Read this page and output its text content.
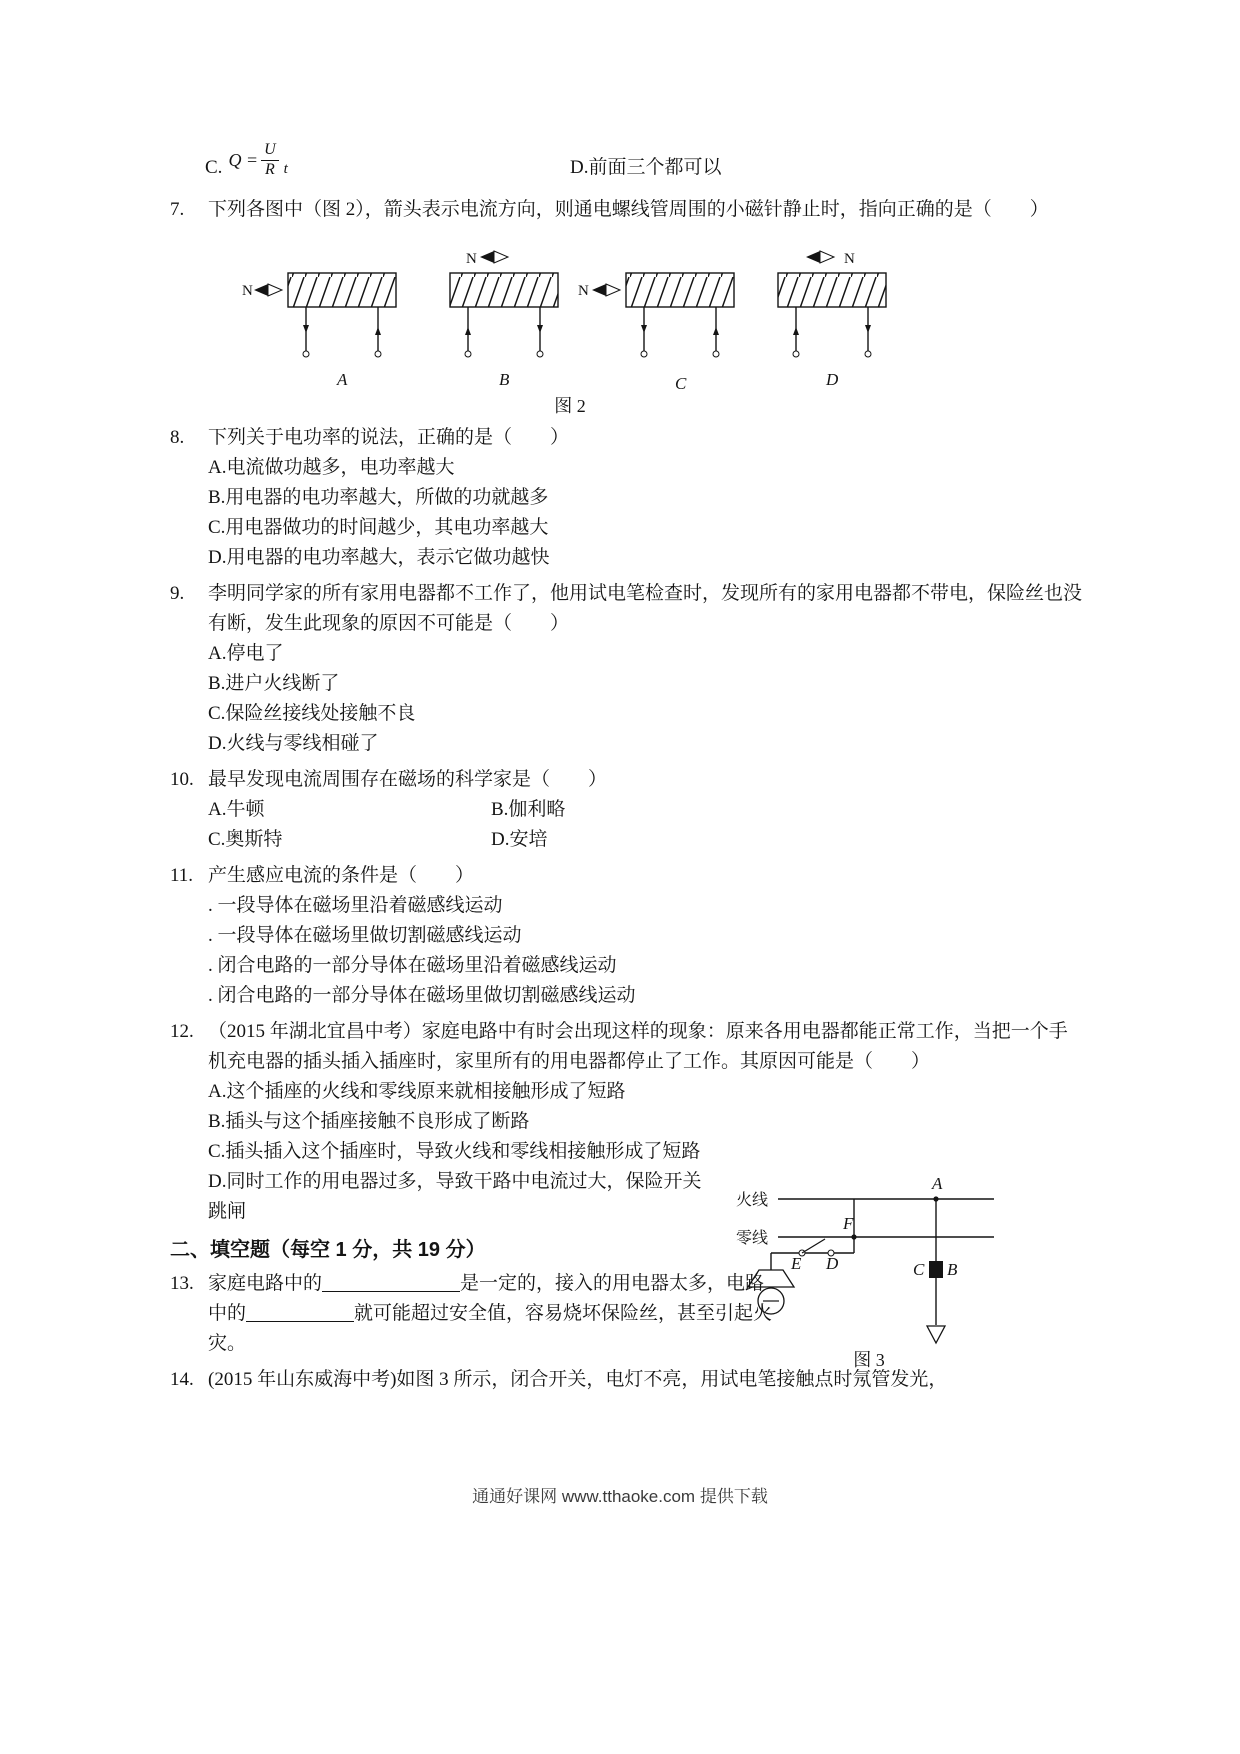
C. $Q = \frac{U}{R}$ t	D.前面三个都可以
7.	下列各图中（图 2），箭头表示电流方向，则通电螺线管周围的小磁针静止时，指向正确的是（　　）
N
A
N
B
N
C
N
D
图 2
8.	下列关于电功率的说法，正确的是（　　）
A.电流做功越多，电功率越大
B.用电器的电功率越大，所做的功就越多
C.用电器做功的时间越少，其电功率越大
D.用电器的电功率越大，表示它做功越快
9.	李明同学家的所有家用电器都不工作了，他用试电笔检查时，发现所有的家用电器都不带电，保险丝也没有断，发生此现象的原因不可能是（　　）
A.停电了
B.进户火线断了
C.保险丝接线处接触不良
D.火线与零线相碰了
10. 最早发现电流周围存在磁场的科学家是（　　）
A.牛顿	B.伽利略
C.奥斯特	D.安培
11. 产生感应电流的条件是（　　）
. 一段导体在磁场里沿着磁感线运动
. 一段导体在磁场里做切割磁感线运动
. 闭合电路的一部分导体在磁场里沿着磁感线运动
. 闭合电路的一部分导体在磁场里做切割磁感线运动
12. （2015 年湖北宜昌中考）家庭电路中有时会出现这样的现象：原来各用电器都能正常工作，当把一个手机充电器的插头插入插座时，家里所有的用电器都停止了工作。其原因可能是（　　）
A.这个插座的火线和零线原来就相接触形成了短路
B.插头与这个插座接触不良形成了断路
C.插头插入这个插座时，导致火线和零线相接触形成了短路
D.同时工作的用电器过多，导致干路中电流过大，保险开关跳闸
二、填空题（每空 1 分，共 19 分）
13. 家庭电路中的	是一定的，接入的用电器太多，电路中的	就可能超过安全值，容易烧坏保险丝，甚至引起火灾。
14. (2015 年山东威海中考)如图 3 所示，闭合开关，电灯不亮，用试电笔接触点时氖管发光，
火线
零线
A
C B
F
E D
图 3
通通好课网 www.tthaoke.com 提供下载
